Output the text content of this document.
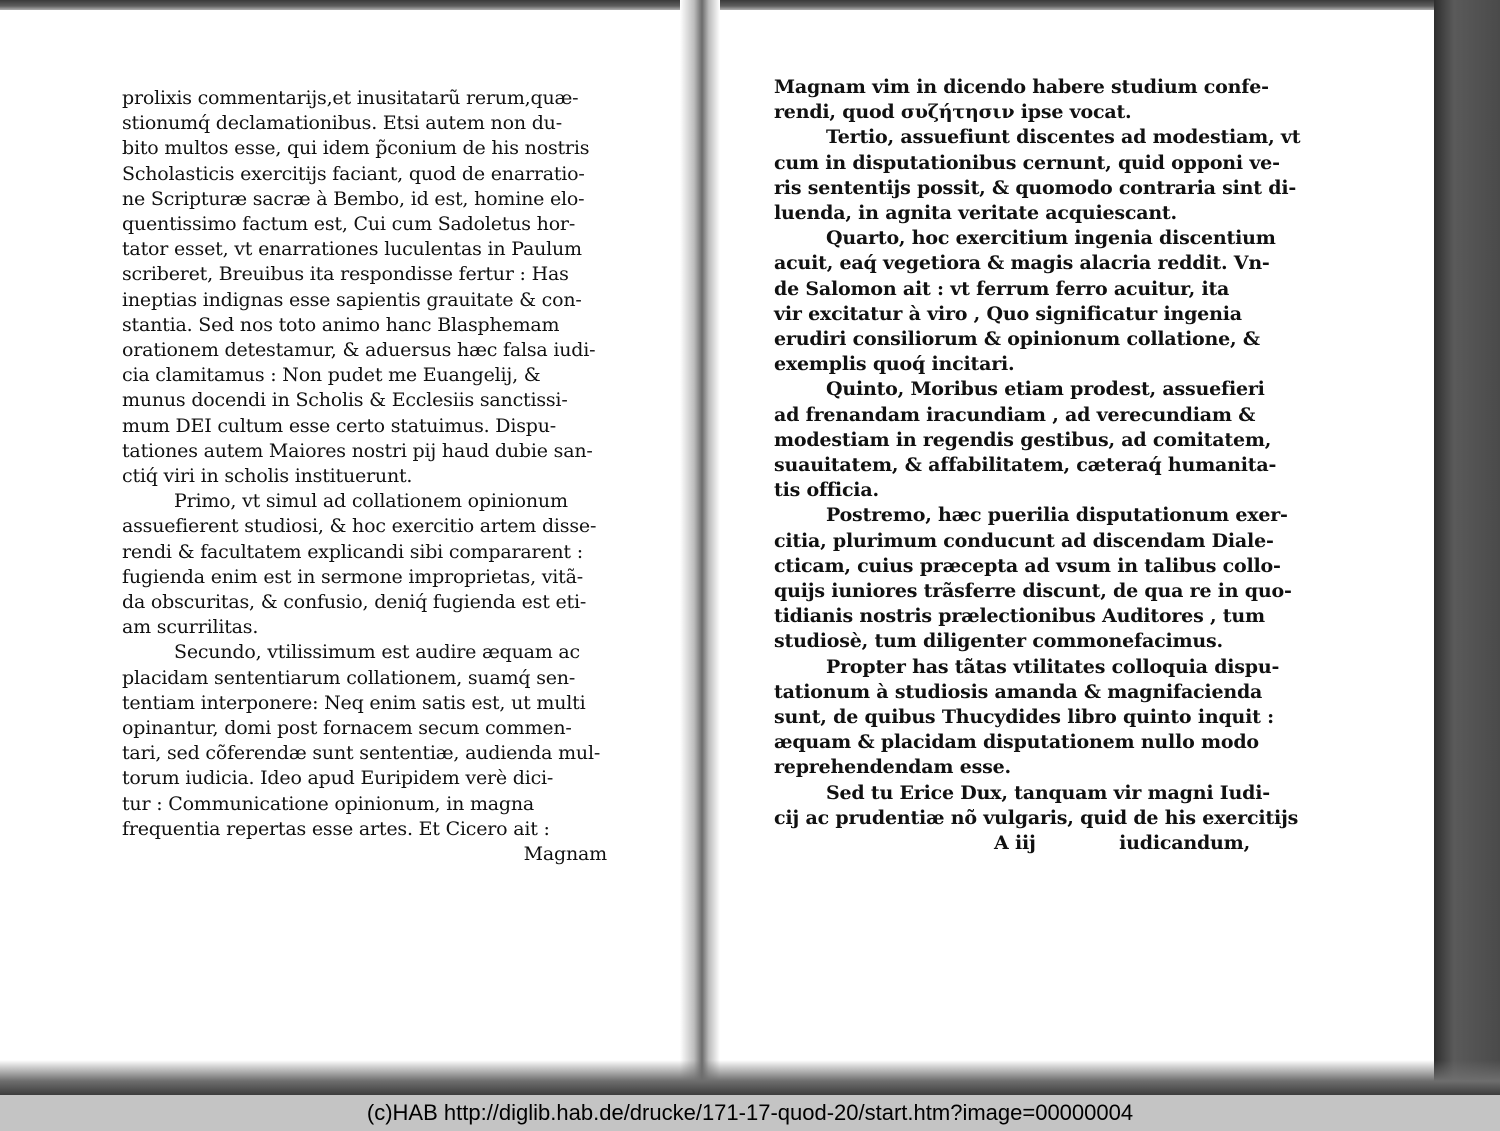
prolixis commentarijs,et inusitatarũ rerum,quæ-
stionumq́ declamationibus. Etsi autem non du-
bito multos esse, qui idem p̃conium de his nostris
Scholasticis exercitijs faciant, quod de enarratio-
ne Scripturæ sacræ à Bembo, id est, homine elo-
quentissimo factum est, Cui cum Sadoletus hor-
tator esset, vt enarrationes luculentas in Paulum
scriberet, Breuibus ita respondisse fertur : Has
ineptias indignas esse sapientis grauitate & con-
stantia. Sed nos toto animo hanc Blasphemam
orationem detestamur, & aduersus hæc falsa iudi-
cia clamitamus : Non pudet me Euangelij, &
munus docendi in Scholis & Ecclesiis sanctissi-
mum DEI cultum esse certo statuimus. Dispu-
tationes autem Maiores nostri pij haud dubie san-
ctiq́ viri in scholis instituerunt.
Primo, vt simul ad collationem opinionum
assuefierent studiosi, & hoc exercitio artem disse-
rendi & facultatem explicandi sibi compararent :
fugienda enim est in sermone improprietas, vitã-
da obscuritas, & confusio, deniq́ fugienda est eti-
am scurrilitas.
Secundo, vtilissimum est audire æquam ac
placidam sententiarum collationem, suamq́ sen-
tentiam interponere: Neq enim satis est, ut multi
opinantur, domi post fornacem secum commen-
tari, sed cõferendæ sunt sententiæ, audienda mul-
torum iudicia. Ideo apud Euripidem verè dici-
tur : Communicatione opinionum, in magna
frequentia repertas esse artes. Et Cicero ait :
Magnam
Magnam vim in dicendo habere studium confe-
rendi, quod συζήτησιν ipse vocat.
Tertio, assuefiunt discentes ad modestiam, vt
cum in disputationibus cernunt, quid opponi ve-
ris sententijs possit, & quomodo contraria sint di-
luenda, in agnita veritate acquiescant.
Quarto, hoc exercitium ingenia discentium
acuit, eaq́ vegetiora & magis alacria reddit. Vn-
de Salomon ait : vt ferrum ferro acuitur, ita
vir excitatur à viro , Quo significatur ingenia
erudiri consiliorum & opinionum collatione, &
exemplis quoq́ incitari.
Quinto, Moribus etiam prodest, assuefieri
ad frenandam iracundiam , ad verecundiam &
modestiam in regendis gestibus, ad comitatem,
suauitatem, & affabilitatem, cæteraq́ humanita-
tis officia.
Postremo, hæc puerilia disputationum exer-
citia, plurimum conducunt ad discendam Diale-
cticam, cuius præcepta ad vsum in talibus collo-
quijs iuniores trãsferre discunt, de qua re in quo-
tidianis nostris prælectionibus Auditores , tum
studiosè, tum diligenter commonefacimus.
Propter has tãtas vtilitates colloquia dispu-
tationum à studiosis amanda & magnifacienda
sunt, de quibus Thucydides libro quinto inquit :
æquam & placidam disputationem nullo modo
reprehendendam esse.
Sed tu Erice Dux, tanquam vir magni Iudi-
cij ac prudentiæ nõ vulgaris, quid de his exercitijs
A iij	iudicandum,

(c)HAB http://diglib.hab.de/drucke/171-17-quod-20/start.htm?image=00000004
